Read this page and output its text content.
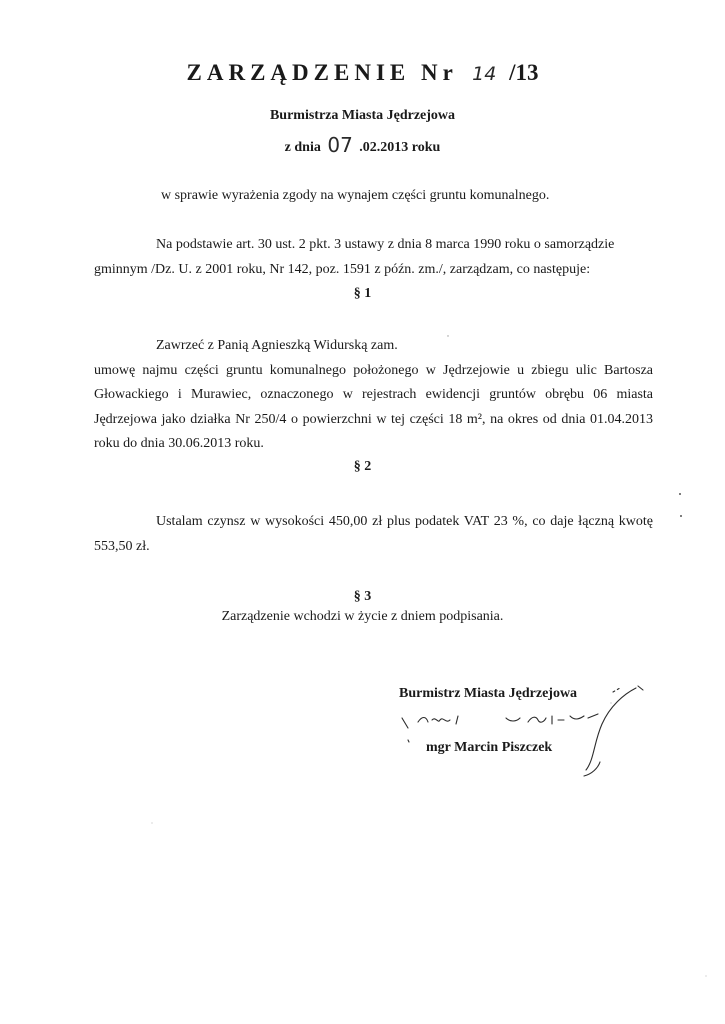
ZARZĄDZENIE Nr 14 /13
Burmistrza Miasta Jędrzejowa
z dnia 07 .02.2013 roku
w sprawie wyrażenia zgody na wynajem części gruntu komunalnego.
Na podstawie art. 30 ust. 2 pkt. 3 ustawy z dnia 8 marca 1990 roku o samorządzie
gminnym /Dz. U. z 2001 roku, Nr 142, poz. 1591 z późn. zm./, zarządzam, co następuje:
§ 1
Zawrzeć z Panią Agnieszką Widurską zam.
umowę najmu części gruntu komunalnego położonego w Jędrzejowie u zbiegu ulic Bartosza Głowackiego i Murawiec, oznaczonego w rejestrach ewidencji gruntów obrębu 06 miasta Jędrzejowa jako działka Nr 250/4 o powierzchni w tej części 18 m², na okres od dnia 01.04.2013 roku do dnia 30.06.2013 roku.
§ 2
Ustalam czynsz w wysokości 450,00 zł plus podatek VAT 23 %, co daje łączną kwotę 553,50 zł.
§ 3
Zarządzenie wchodzi w życie z dniem podpisania.
Burmistrz Miasta Jędrzejowa
mgr Marcin Piszczek
